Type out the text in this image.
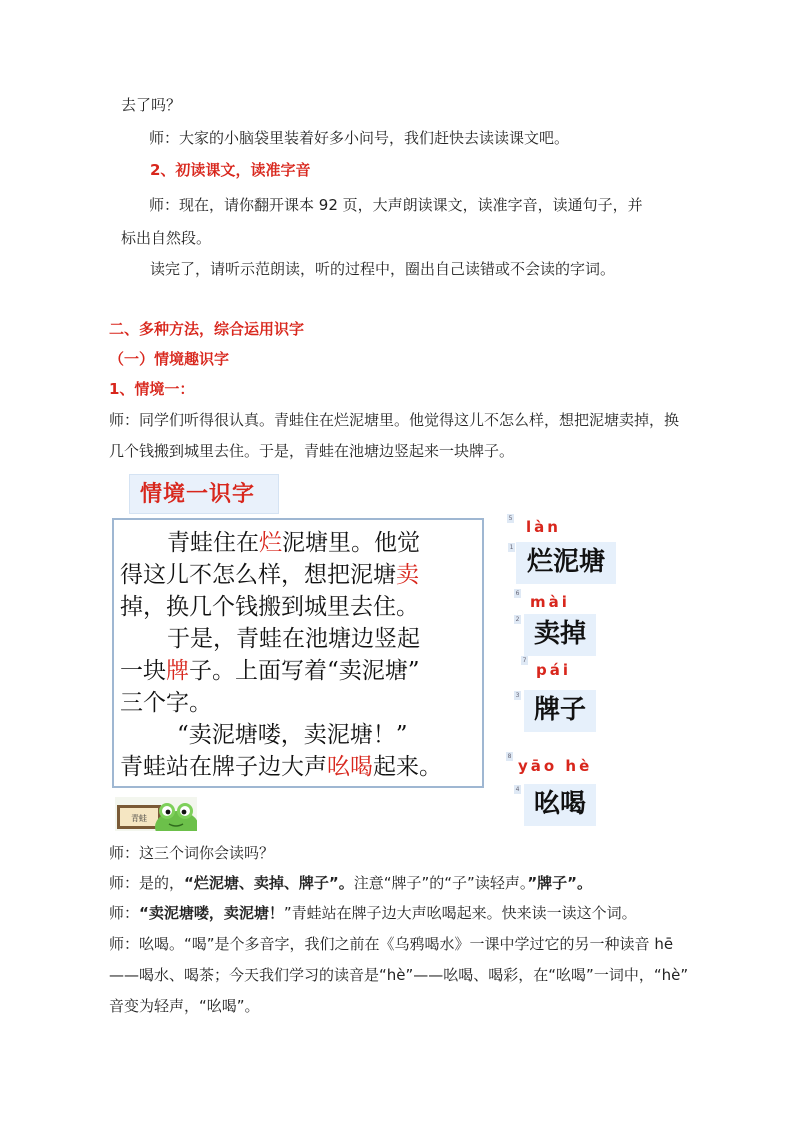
去了吗？
师：大家的小脑袋里装着好多小问号，我们赶快去读读课文吧。
2、初读课文，读准字音
师：现在，请你翻开课本 92 页，大声朗读课文，读准字音，读通句子，并
标出自然段。
读完了，请听示范朗读，听的过程中，圈出自己读错或不会读的字词。
二、多种方法，综合运用识字
（一）情境趣识字
1、情境一：
师：同学们听得很认真。青蛙住在烂泥塘里。他觉得这儿不怎么样，想把泥塘卖掉，换
几个钱搬到城里去住。于是，青蛙在池塘边竖起来一块牌子。
情境一识字
　青蛙住在烂泥塘里。他觉
得这儿不怎么样，想把泥塘卖
掉，换几个钱搬到城里去住。
　于是，青蛙在池塘边竖起
一块牌子。上面写着“卖泥塘”
三个字。
　“卖泥塘喽，卖泥塘！”
青蛙站在牌子边大声吆喝起来。
5 làn
1 烂泥塘
6 mài
2 卖掉
7
pái
3 牌子
8
yāo hè
4 吆喝
青蛙
师：这三个词你会读吗？
师：是的，“烂泥塘、卖掉、牌子”。注意“牌子”的“子”读轻声。”牌子”。
师：“卖泥塘喽，卖泥塘！”青蛙站在牌子边大声吆喝起来。快来读一读这个词。
师：吆喝。“喝”是个多音字，我们之前在《乌鸦喝水》一课中学过它的另一种读音 hē
——喝水、喝茶；今天我们学习的读音是“hè”——吆喝、喝彩，在“吆喝”一词中，“hè”
音变为轻声，“吆喝”。
